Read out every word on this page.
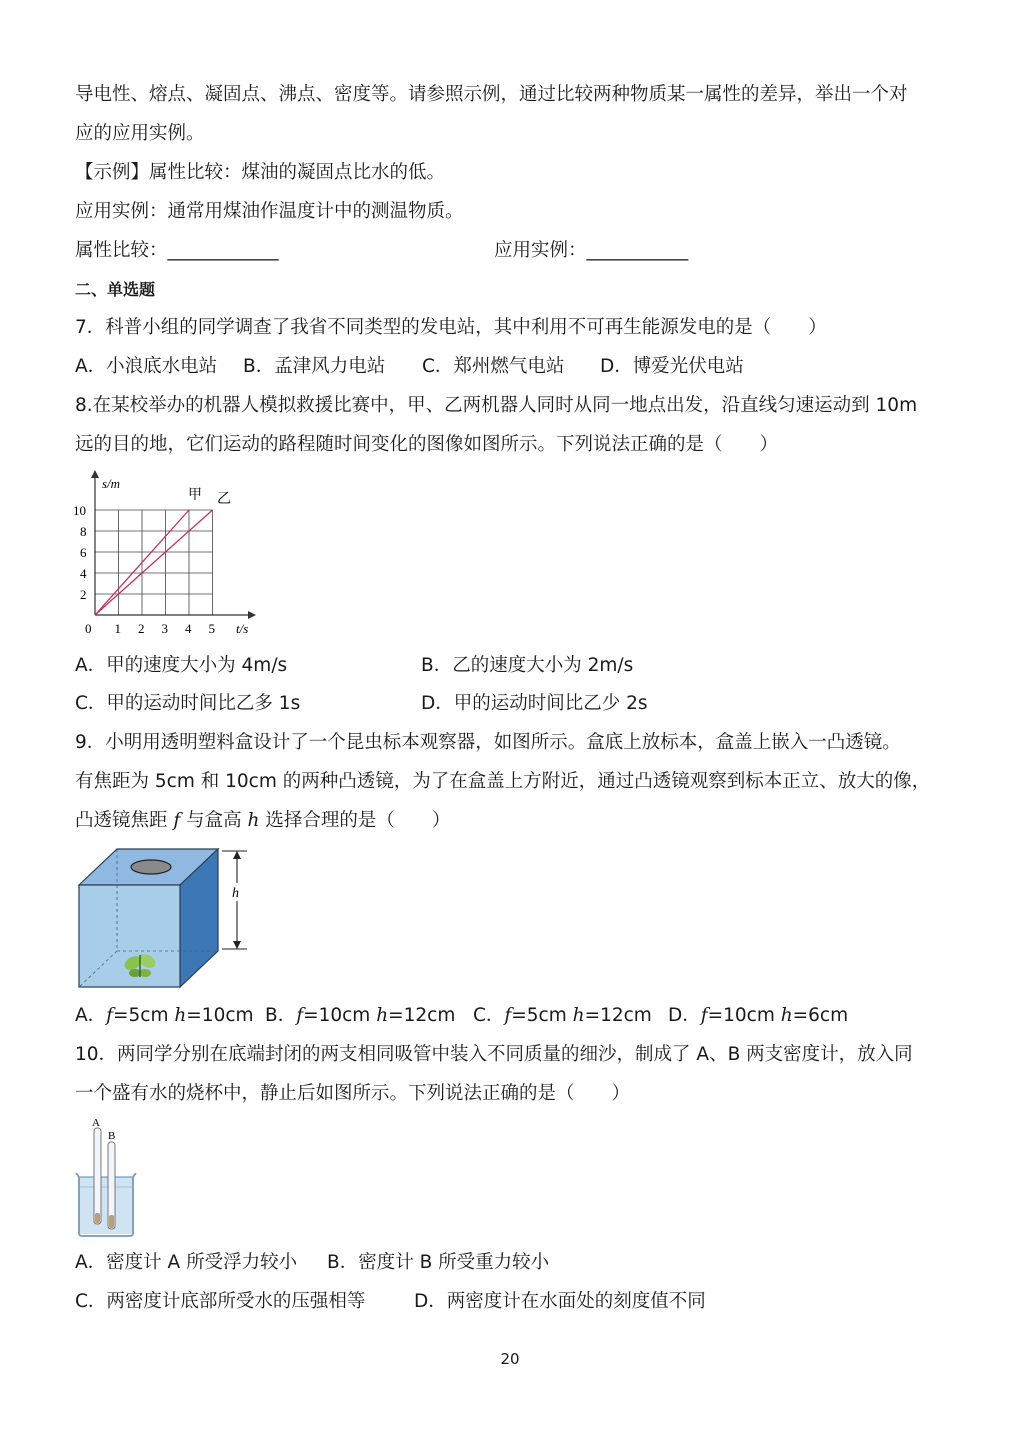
导电性、熔点、凝固点、沸点、密度等。请参照示例，通过比较两种物质某一属性的差异，举出一个对
应的应用实例。
【示例】属性比较：煤油的凝固点比水的低。
应用实例：通常用煤油作温度计中的测温物质。
属性比较：____________	应用实例：___________
二、单选题
7．科普小组的同学调查了我省不同类型的发电站，其中利用不可再生能源发电的是（　　）
A．小浪底水电站 B．孟津风力电站 C．郑州燃气电站 D．博爱光伏电站
8.在某校举办的机器人模拟救援比赛中，甲、乙两机器人同时从同一地点出发，沿直线匀速运动到 10m
远的目的地，它们运动的路程随时间变化的图像如图所示。下列说法正确的是（　　）
0 1 2 3 4 5
2
4
6
8
10
s/m
t/s
甲 乙
A．甲的速度大小为 4m/s	B．乙的速度大小为 2m/s
C．甲的运动时间比乙多 1s	D．甲的运动时间比乙少 2s
9．小明用透明塑料盒设计了一个昆虫标本观察器，如图所示。盒底上放标本，盒盖上嵌入一凸透镜。
有焦距为 5cm 和 10cm 的两种凸透镜，为了在盒盖上方附近，通过凸透镜观察到标本正立、放大的像，
凸透镜焦距 f 与盒高 h 选择合理的是（　　）
h
A．f=5cm h=10cm B．f=10cm h=12cm C．f=5cm h=12cm D．f=10cm h=6cm
10．两同学分别在底端封闭的两支相同吸管中装入不同质量的细沙，制成了 A、B 两支密度计，放入同
一个盛有水的烧杯中，静止后如图所示。下列说法正确的是（　　）
A
B
A．密度计 A 所受浮力较小 B．密度计 B 所受重力较小
C．两密度计底部所受水的压强相等	D．两密度计在水面处的刻度值不同
20
